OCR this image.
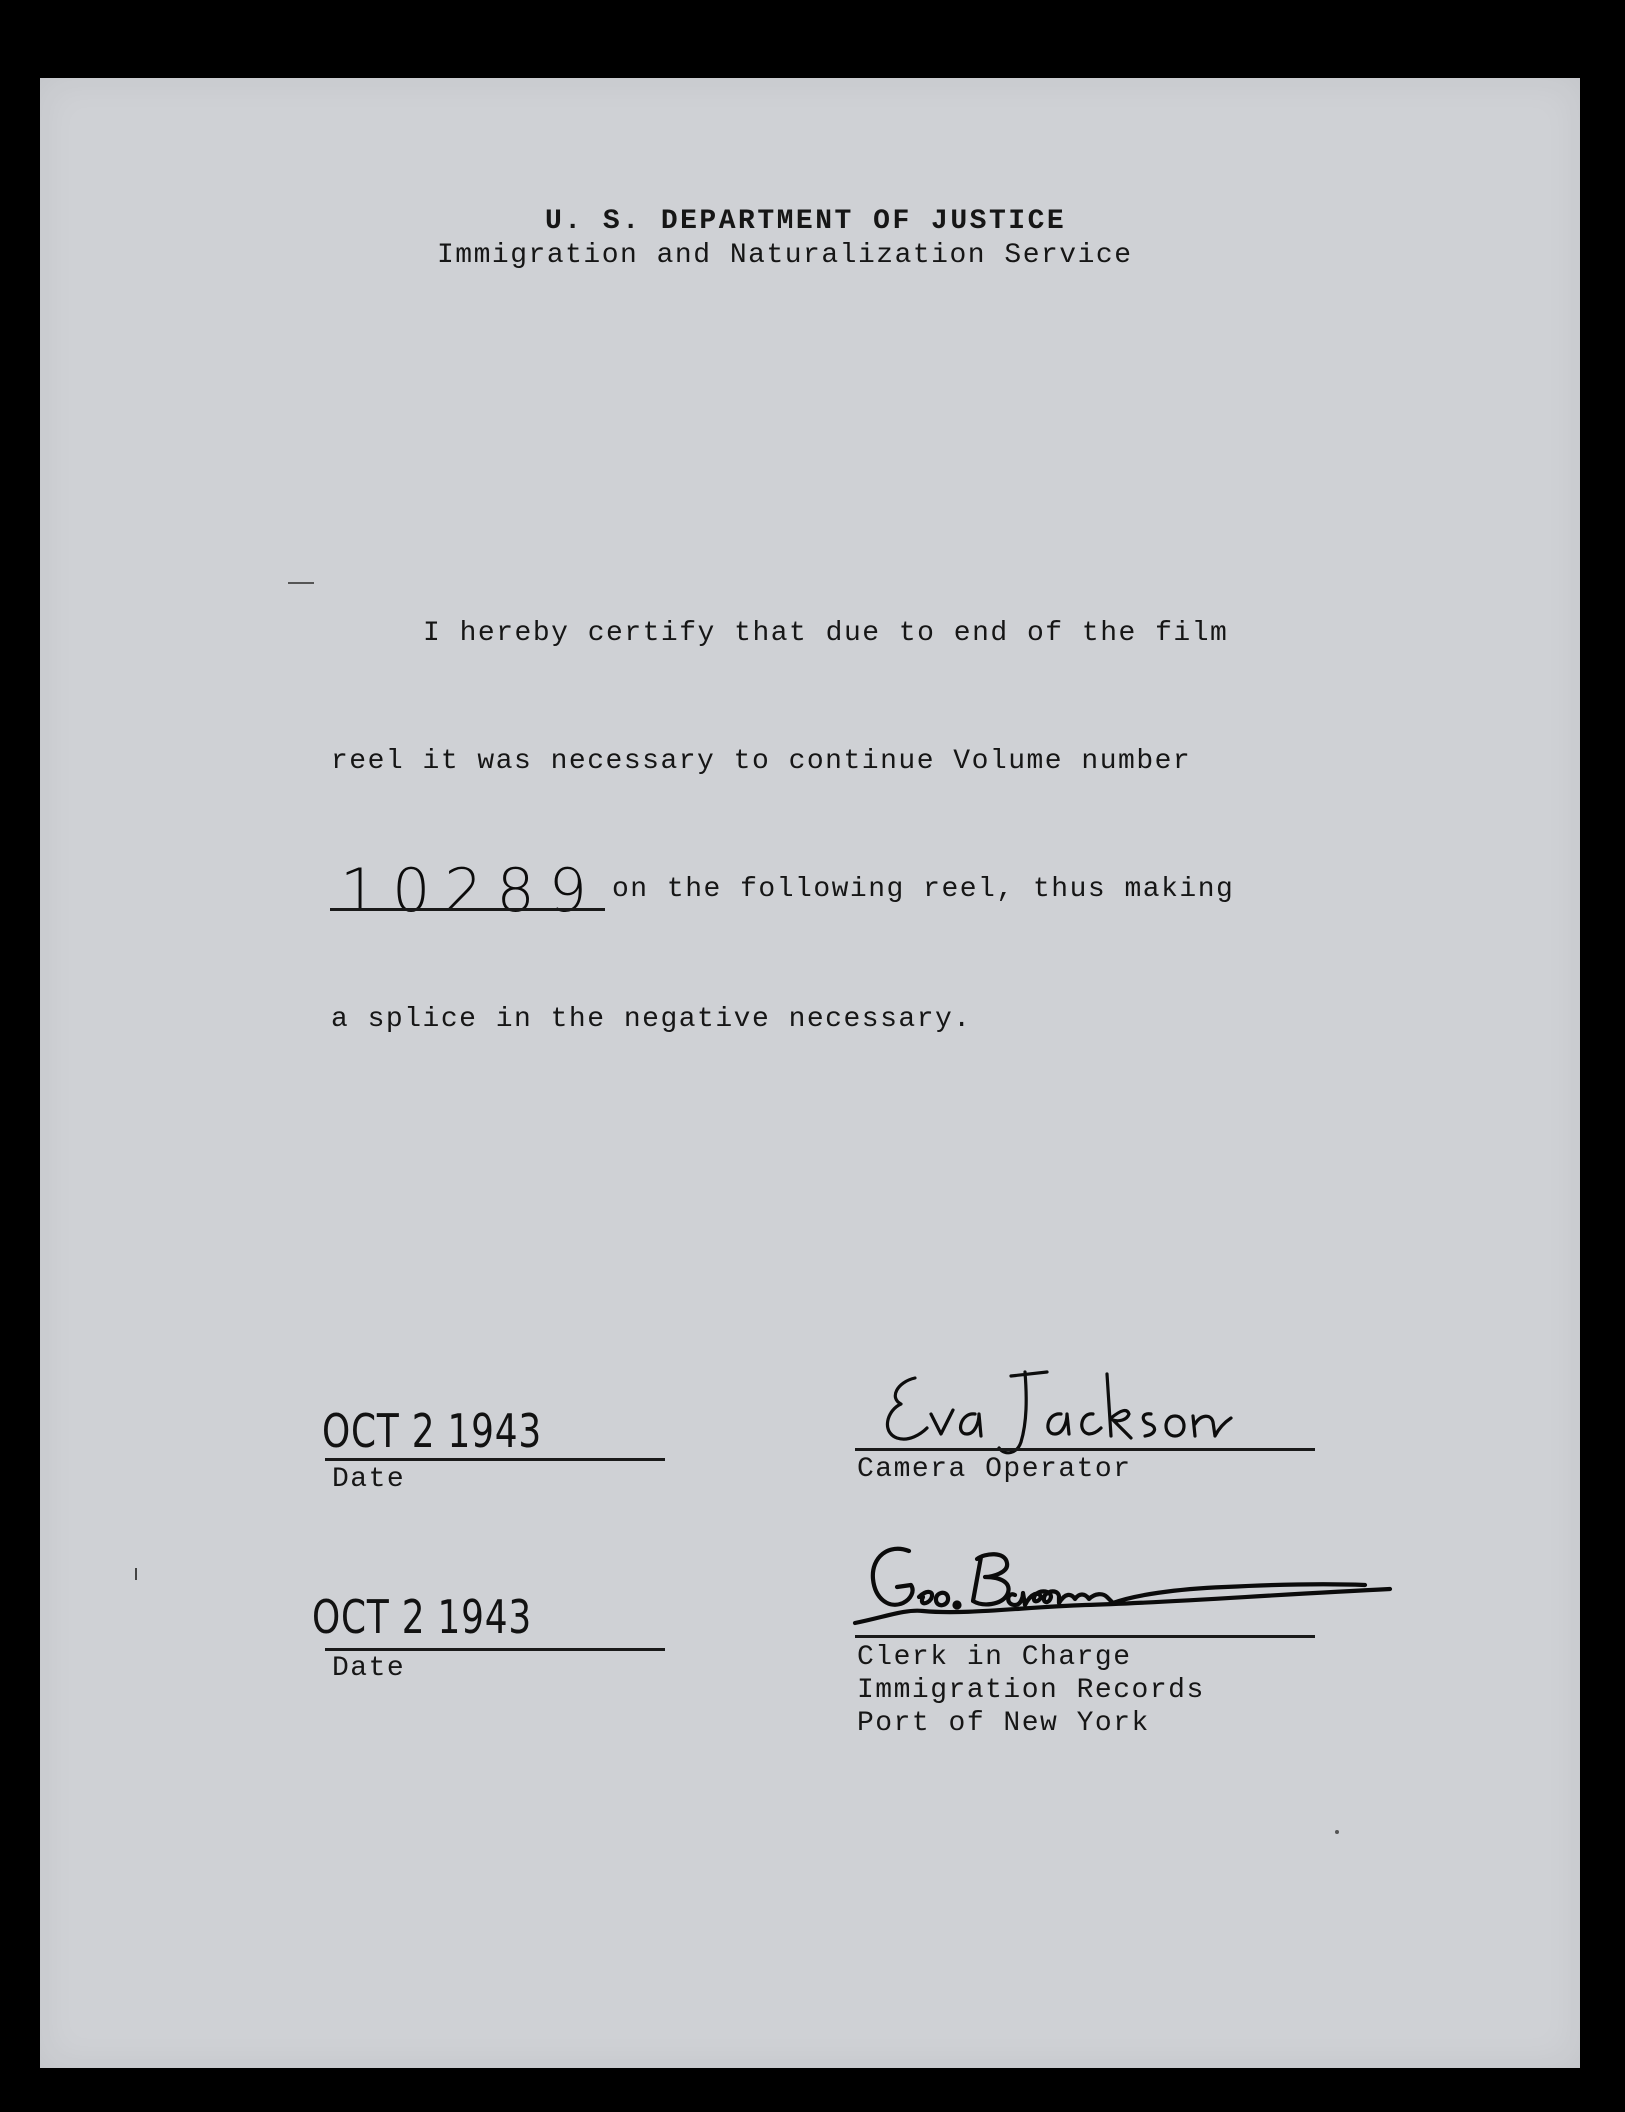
U. S. DEPARTMENT OF JUSTICE
Immigration and Naturalization Service
I hereby certify that due to end of the film
reel it was necessary to continue Volume number
10289 on the following reel, thus making
a splice in the negative necessary.
OCT 2 1943
Date	Camera Operator
OCT 2 1943
Date	Clerk in Charge
Immigration Records
Port of New York
